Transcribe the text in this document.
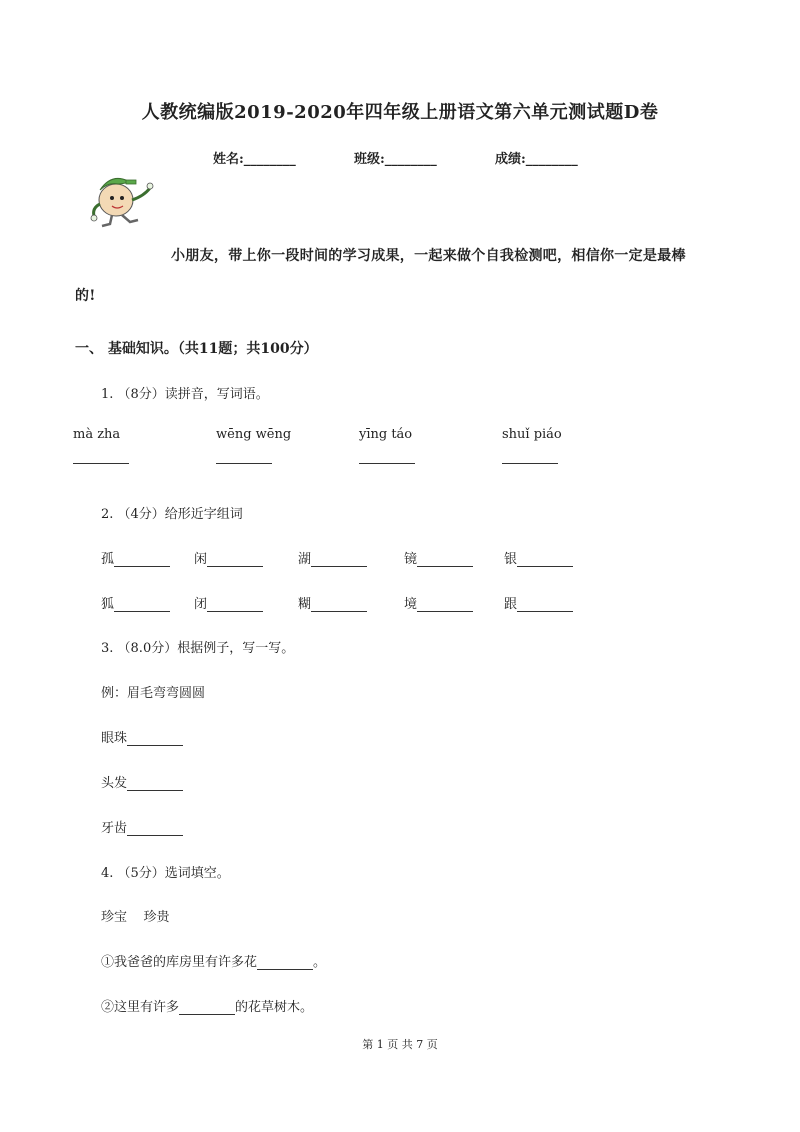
人教统编版2019-2020年四年级上册语文第六单元测试题D卷
姓名:________	班级:________	成绩:________
小朋友，带上你一段时间的学习成果，一起来做个自我检测吧，相信你一定是最棒
的!
一、 基础知识。（共11题；共100分）
1. （8分）读拼音，写词语。
mà zha	wēng wēng	yīng táo	shuǐ piáo
2. （4分）给形近字组词
孤	闲	湖	镜	银
狐	闭	糊	境	跟
3. （8.0分）根据例子，写一写。
例：眉毛弯弯圆圆
眼珠
头发
牙齿
4. （5分）选词填空。
珍宝    珍贵
①我爸爸的库房里有许多花	。
②这里有许多	的花草树木。
第 1 页 共 7 页
